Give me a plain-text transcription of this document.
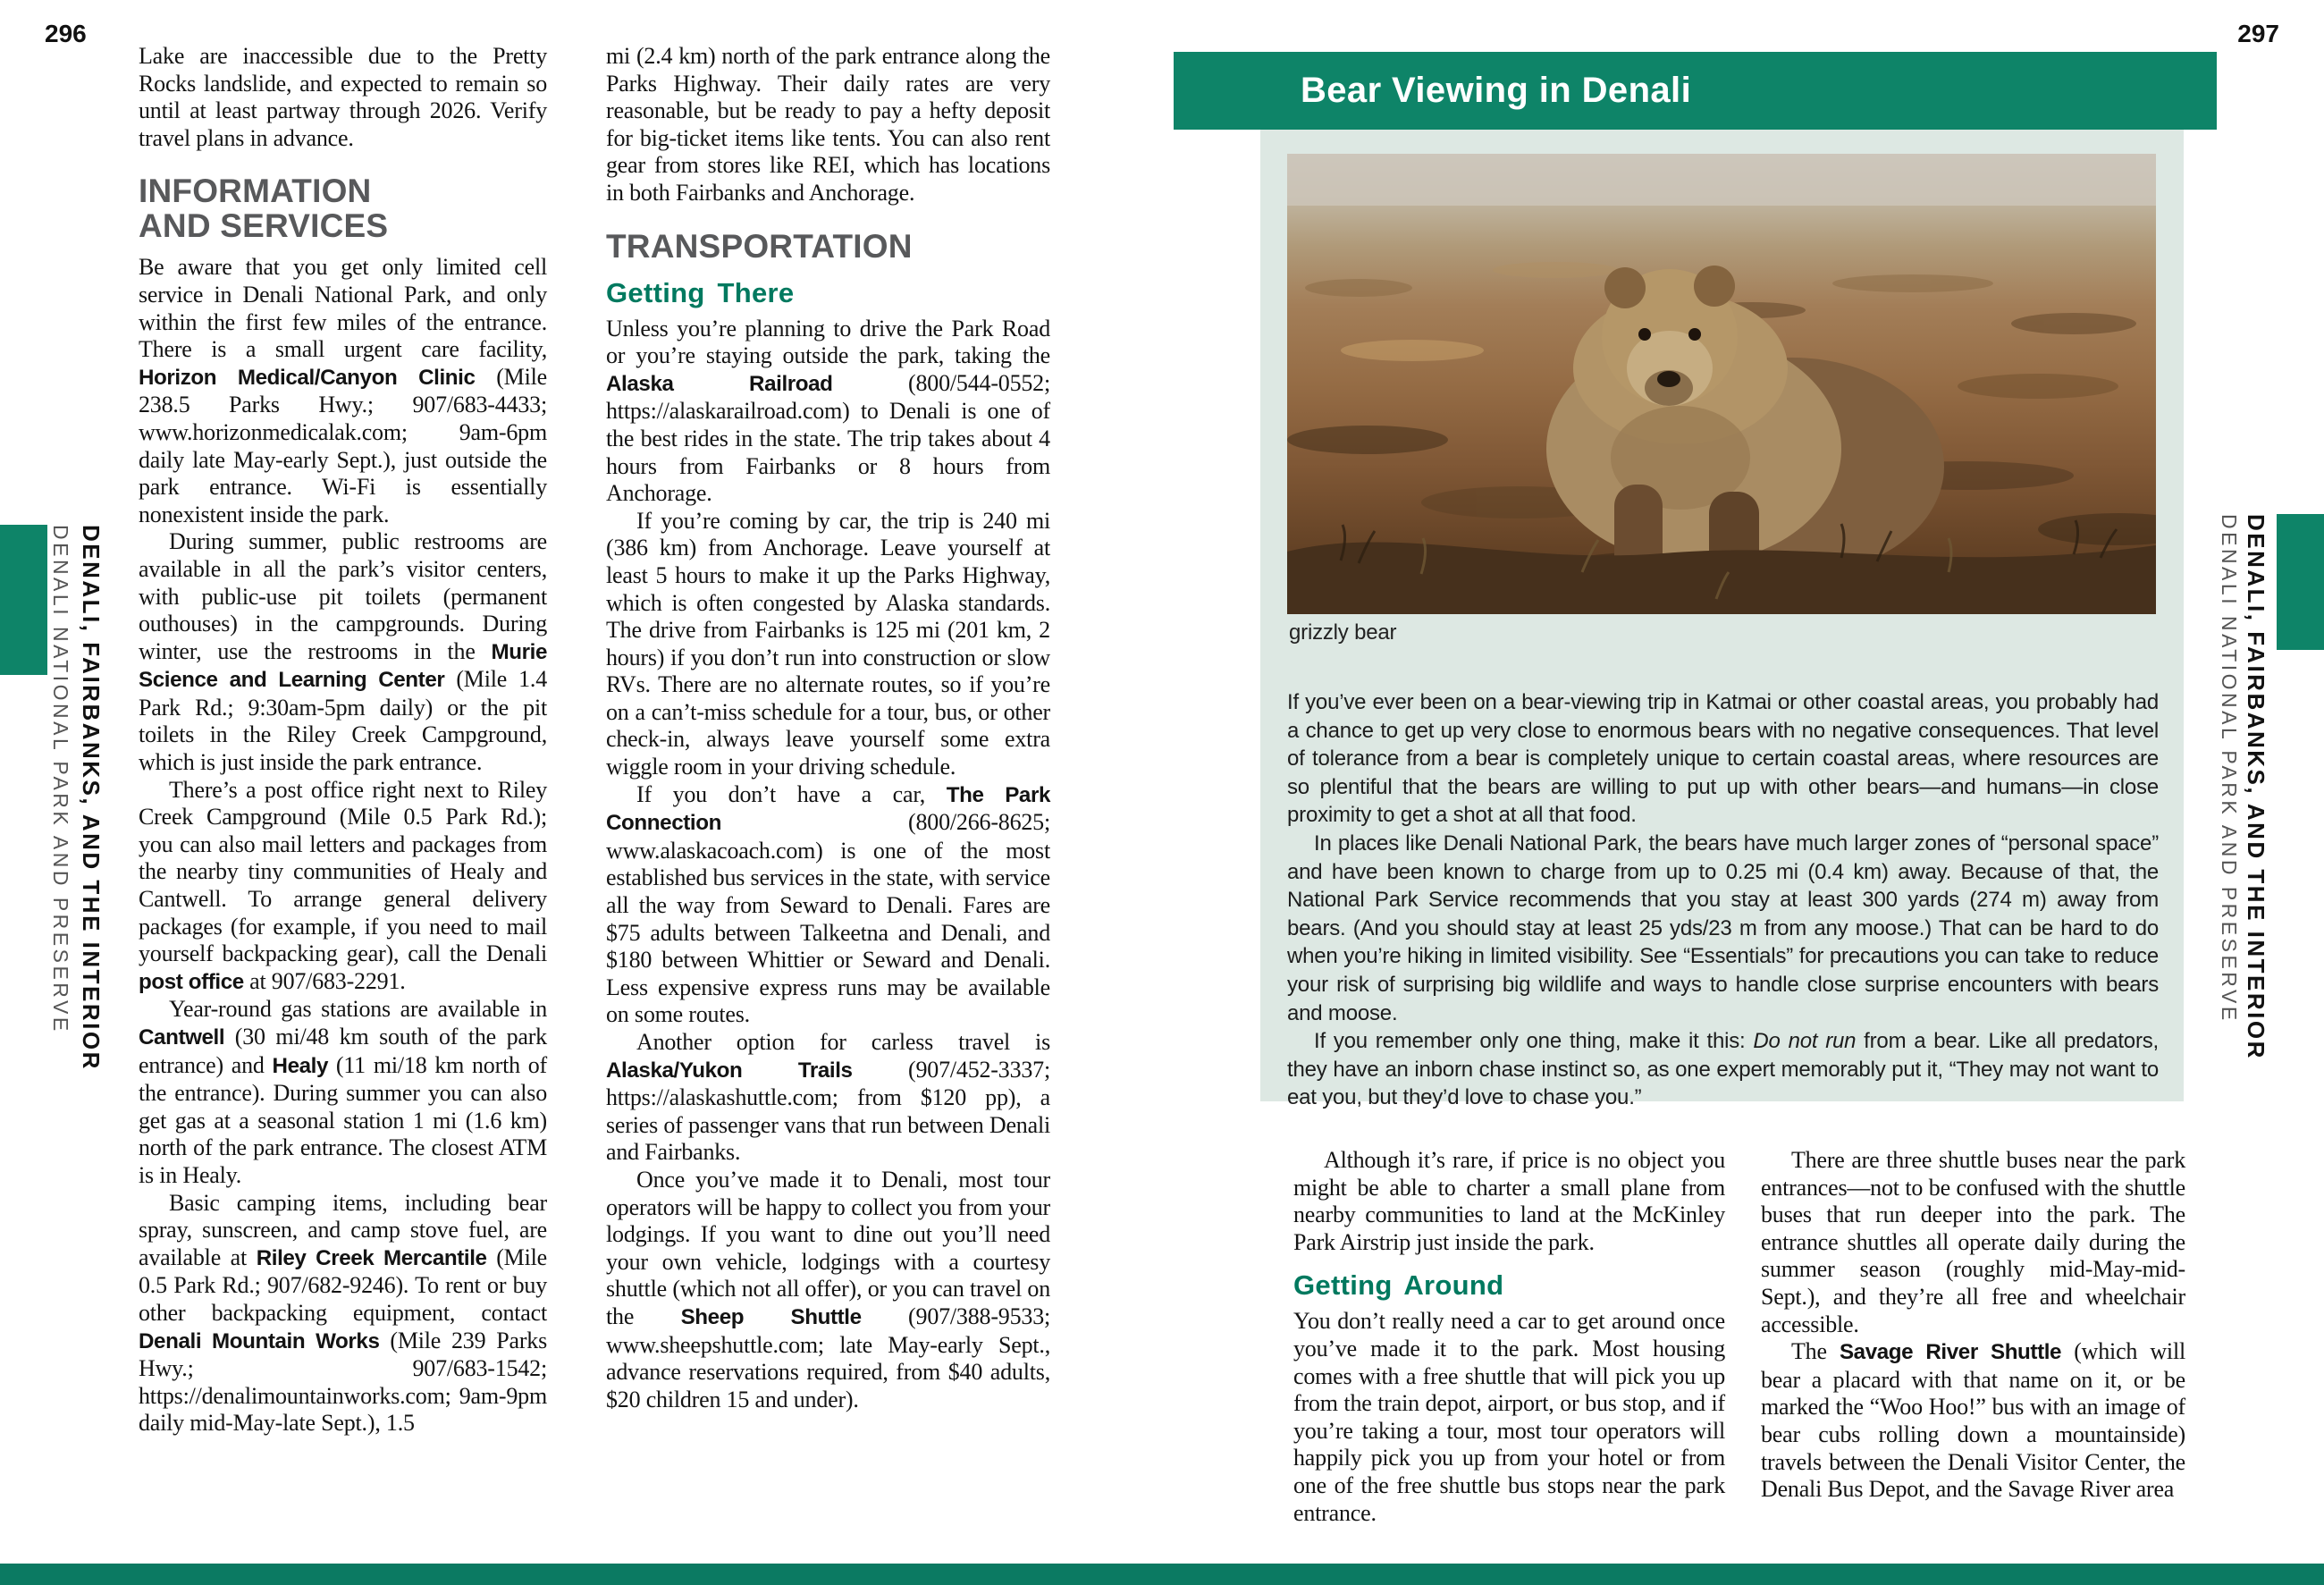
296	297

Lake are inaccessible due to the Pretty Rocks landslide, and expected to remain so until at least partway through 2026. Verify travel plans in advance.

INFORMATION
AND SERVICES

Be aware that you get only limited cell service in Denali National Park, and only within the first few miles of the entrance. There is a small urgent care facility, Horizon Medical/Canyon Clinic (Mile 238.5 Parks Hwy.; 907/683-4433; www.horizonmedicalak.com; 9am-6pm daily late May-early Sept.), just outside the park entrance. Wi-Fi is essentially nonexistent inside the park.

During summer, public restrooms are available in all the park’s visitor centers, with public-use pit toilets (permanent outhouses) in the campgrounds. During winter, use the restrooms in the Murie Science and Learning Center (Mile 1.4 Park Rd.; 9:30am-5pm daily) or the pit toilets in the Riley Creek Campground, which is just inside the park entrance.

There’s a post office right next to Riley Creek Campground (Mile 0.5 Park Rd.); you can also mail letters and packages from the nearby tiny communities of Healy and Cantwell. To arrange general delivery packages (for example, if you need to mail yourself backpacking gear), call the Denali post office at 907/683-2291.

Year-round gas stations are available in Cantwell (30 mi/48 km south of the park entrance) and Healy (11 mi/18 km north of the entrance). During summer you can also get gas at a seasonal station 1 mi (1.6 km) north of the park entrance. The closest ATM is in Healy.

Basic camping items, including bear spray, sunscreen, and camp stove fuel, are available at Riley Creek Mercantile (Mile 0.5 Park Rd.; 907/682-9246). To rent or buy other backpacking equipment, contact Denali Mountain Works (Mile 239 Parks Hwy.; 907/683-1542; https://denalimountainworks.com; 9am-9pm daily mid-May-late Sept.), 1.5

mi (2.4 km) north of the park entrance along the Parks Highway. Their daily rates are very reasonable, but be ready to pay a hefty deposit for big-ticket items like tents. You can also rent gear from stores like REI, which has locations in both Fairbanks and Anchorage.

TRANSPORTATION
Getting There

Unless you’re planning to drive the Park Road or you’re staying outside the park, taking the Alaska Railroad (800/544-0552; https://alaskarailroad.com) to Denali is one of the best rides in the state. The trip takes about 4 hours from Fairbanks or 8 hours from Anchorage.

If you’re coming by car, the trip is 240 mi (386 km) from Anchorage. Leave yourself at least 5 hours to make it up the Parks Highway, which is often congested by Alaska standards. The drive from Fairbanks is 125 mi (201 km, 2 hours) if you don’t run into construction or slow RVs. There are no alternate routes, so if you’re on a can’t-miss schedule for a tour, bus, or other check-in, always leave yourself some extra wiggle room in your driving schedule.

If you don’t have a car, The Park Connection (800/266-8625; www.alaskacoach.com) is one of the most established bus services in the state, with service all the way from Seward to Denali. Fares are $75 adults between Talkeetna and Denali, and $180 between Whittier or Seward and Denali. Less expensive express runs may be available on some routes.

Another option for carless travel is Alaska/Yukon Trails (907/452-3337; https://alaskashuttle.com; from $120 pp), a series of passenger vans that run between Denali and Fairbanks.

Once you’ve made it to Denali, most tour operators will be happy to collect you from your lodgings. If you want to dine out you’ll need your own vehicle, lodgings with a courtesy shuttle (which not all offer), or you can travel on the Sheep Shuttle (907/388-9533; www.sheepshuttle.com; late May-early Sept., advance reservations required, from $40 adults, $20 children 15 and under).

Bear Viewing in Denali
grizzly bear

If you’ve ever been on a bear-viewing trip in Katmai or other coastal areas, you probably had a chance to get up very close to enormous bears with no negative consequences. That level of tolerance from a bear is completely unique to certain coastal areas, where resources are so plentiful that the bears are willing to put up with other bears—and humans—in close proximity to get a shot at all that food.

In places like Denali National Park, the bears have much larger zones of “personal space” and have been known to charge from up to 0.25 mi (0.4 km) away. Because of that, the National Park Service recommends that you stay at least 300 yards (274 m) away from bears. (And you should stay at least 25 yds/23 m from any moose.) That can be hard to do when you’re hiking in limited visibility. See “Essentials” for precautions you can take to reduce your risk of surprising big wildlife and ways to handle close surprise encounters with bears and moose.

If you remember only one thing, make it this: Do not run from a bear. Like all predators, they have an inborn chase instinct so, as one expert memorably put it, “They may not want to eat you, but they’d love to chase you.”

Although it’s rare, if price is no object you might be able to charter a small plane from nearby communities to land at the McKinley Park Airstrip just inside the park.

Getting Around

You don’t really need a car to get around once you’ve made it to the park. Most housing comes with a free shuttle that will pick you up from the train depot, airport, or bus stop, and if you’re taking a tour, most tour operators will happily pick you up from your hotel or from one of the free shuttle bus stops near the park entrance.

There are three shuttle buses near the park entrances—not to be confused with the shuttle buses that run deeper into the park. The entrance shuttles all operate daily during the summer season (roughly mid-May-mid-Sept.), and they’re all free and wheelchair accessible.

The Savage River Shuttle (which will bear a placard with that name on it, or be marked the “Woo Hoo!” bus with an image of bear cubs rolling down a mountainside) travels between the Denali Visitor Center, the Denali Bus Depot, and the Savage River area

DENALI, FAIRBANKS, AND THE INTERIOR
DENALI NATIONAL PARK AND PRESERVE	DENALI, FAIRBANKS, AND THE INTERIOR
DENALI NATIONAL PARK AND PRESERVE
